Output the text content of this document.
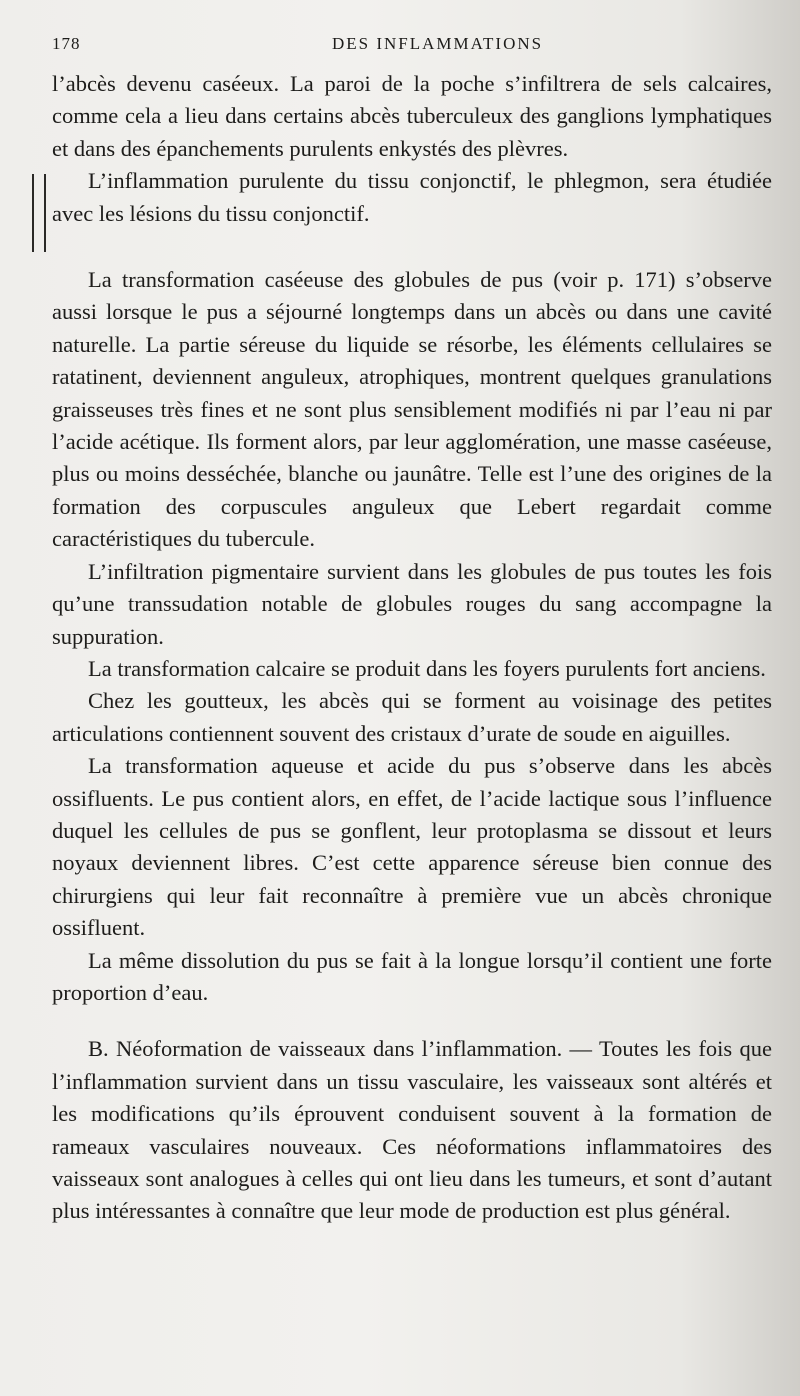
178	DES INFLAMMATIONS

l’abcès devenu caséeux. La paroi de la poche s’infiltrera de sels calcaires, comme cela a lieu dans certains abcès tuberculeux des ganglions lymphatiques et dans des épanchements purulents enkystés des plèvres.

L’inflammation purulente du tissu conjonctif, le phlegmon, sera étudiée avec les lésions du tissu conjonctif.

La transformation caséeuse des globules de pus (voir p. 171) s’observe aussi lorsque le pus a séjourné longtemps dans un abcès ou dans une cavité naturelle. La partie séreuse du liquide se résorbe, les éléments cellulaires se ratatinent, deviennent anguleux, atrophiques, montrent quelques granulations graisseuses très fines et ne sont plus sensiblement modifiés ni par l’eau ni par l’acide acétique. Ils forment alors, par leur agglomération, une masse caséeuse, plus ou moins desséchée, blanche ou jaunâtre. Telle est l’une des origines de la formation des corpuscules anguleux que Lebert regardait comme caractéristiques du tubercule.

L’infiltration pigmentaire survient dans les globules de pus toutes les fois qu’une transsudation notable de globules rouges du sang accompagne la suppuration.

La transformation calcaire se produit dans les foyers purulents fort anciens.

Chez les goutteux, les abcès qui se forment au voisinage des petites articulations contiennent souvent des cristaux d’urate de soude en aiguilles.

La transformation aqueuse et acide du pus s’observe dans les abcès ossifluents. Le pus contient alors, en effet, de l’acide lactique sous l’influence duquel les cellules de pus se gonflent, leur protoplasma se dissout et leurs noyaux deviennent libres. C’est cette apparence séreuse bien connue des chirurgiens qui leur fait reconnaître à première vue un abcès chronique ossifluent.

La même dissolution du pus se fait à la longue lorsqu’il contient une forte proportion d’eau.

B. Néoformation de vaisseaux dans l’inflammation. — Toutes les fois que l’inflammation survient dans un tissu vasculaire, les vaisseaux sont altérés et les modifications qu’ils éprouvent conduisent souvent à la formation de rameaux vasculaires nouveaux. Ces néoformations inflammatoires des vaisseaux sont analogues à celles qui ont lieu dans les tumeurs, et sont d’autant plus intéressantes à connaître que leur mode de production est plus général.
